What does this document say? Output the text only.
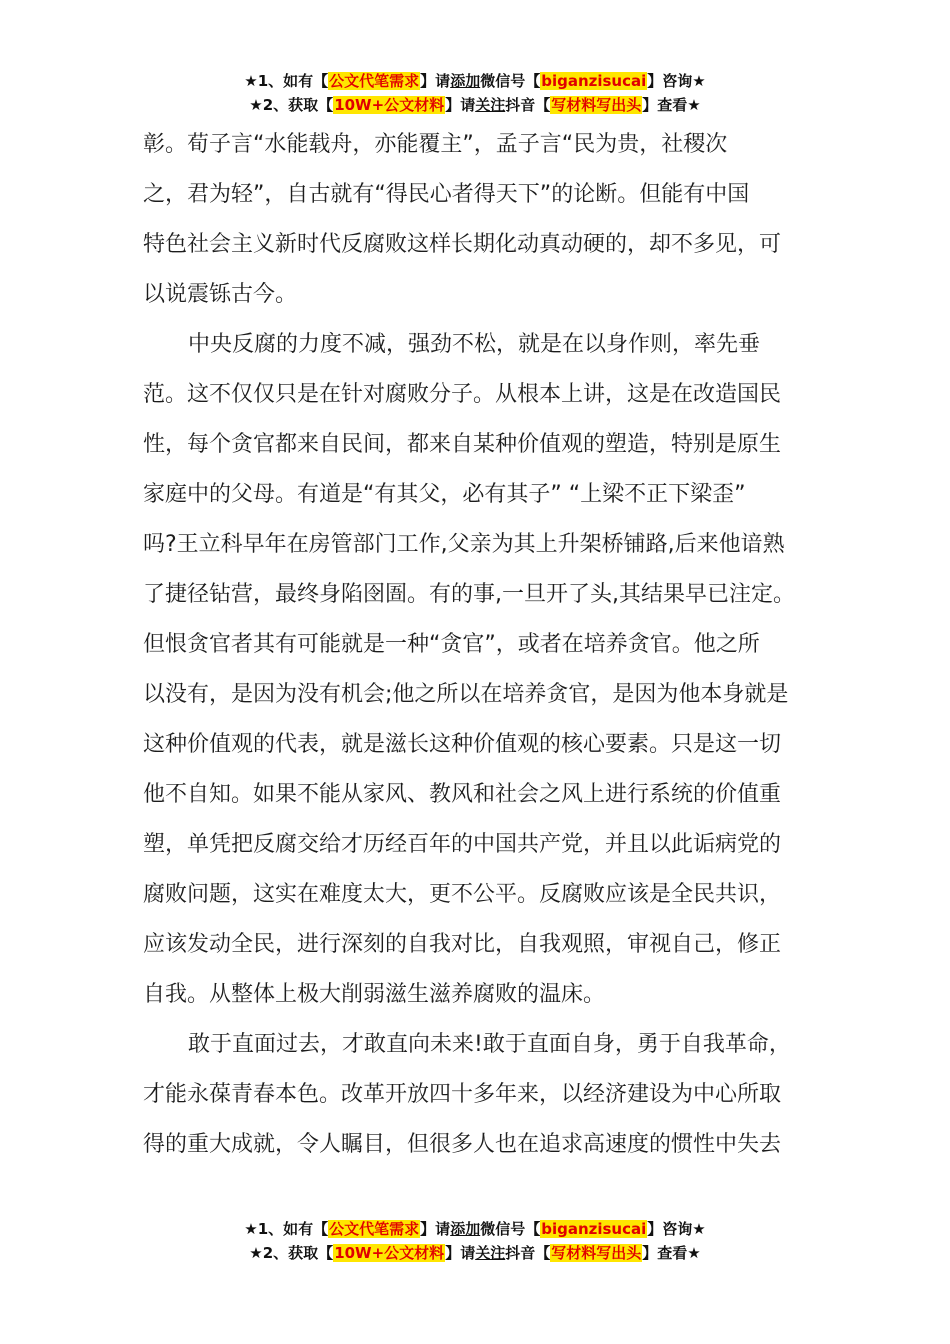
★1、如有【公文代笔需求】请添加微信号【biganzisucai】咨询★
★2、获取【10W+公文材料】请关注抖音【写材料写出头】查看★
彰。荀子言“水能载舟，亦能覆主”，孟子言“民为贵，社稷次
之，君为轻”，自古就有“得民心者得天下”的论断。但能有中国
特色社会主义新时代反腐败这样长期化动真动硬的，却不多见，可
以说震铄古今。
中央反腐的力度不减，强劲不松，就是在以身作则，率先垂
范。这不仅仅只是在针对腐败分子。从根本上讲，这是在改造国民
性，每个贪官都来自民间，都来自某种价值观的塑造，特别是原生
家庭中的父母。有道是“有其父，必有其子” “上梁不正下梁歪”
吗?王立科早年在房管部门工作,父亲为其上升架桥铺路,后来他谙熟
了捷径钻营，最终身陷囹圄。有的事,一旦开了头,其结果早已注定。
但恨贪官者其有可能就是一种“贪官”，或者在培养贪官。他之所
以没有，是因为没有机会;他之所以在培养贪官，是因为他本身就是
这种价值观的代表，就是滋长这种价值观的核心要素。只是这一切
他不自知。如果不能从家风、教风和社会之风上进行系统的价值重
塑，单凭把反腐交给才历经百年的中国共产党，并且以此诟病党的
腐败问题，这实在难度太大，更不公平。反腐败应该是全民共识，
应该发动全民，进行深刻的自我对比，自我观照，审视自己，修正
自我。从整体上极大削弱滋生滋养腐败的温床。
敢于直面过去，才敢直向未来!敢于直面自身，勇于自我革命，
才能永葆青春本色。改革开放四十多年来，以经济建设为中心所取
得的重大成就，令人瞩目，但很多人也在追求高速度的惯性中失去
★1、如有【公文代笔需求】请添加微信号【biganzisucai】咨询★
★2、获取【10W+公文材料】请关注抖音【写材料写出头】查看★
